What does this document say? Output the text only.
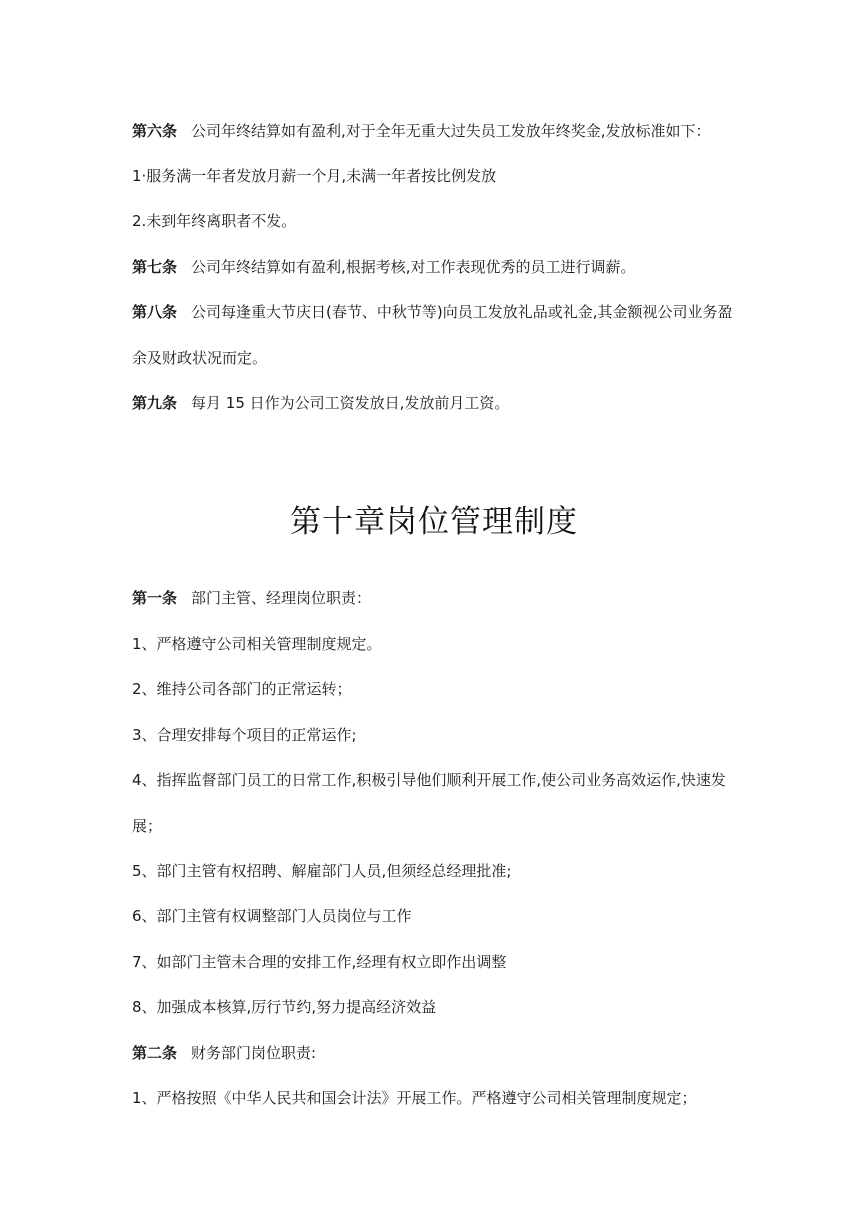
第六条 公司年终结算如有盈利,对于全年无重大过失员工发放年终奖金,发放标准如下：
1·服务满一年者发放月薪一个月,未满一年者按比例发放
2.未到年终离职者不发。
第七条 公司年终结算如有盈利,根据考核,对工作表现优秀的员工进行调薪。
第八条 公司每逢重大节庆日(春节、中秋节等)向员工发放礼品或礼金,其金额视公司业务盈
余及财政状况而定。
第九条 每月 15 日作为公司工资发放日,发放前月工资。
第十章岗位管理制度
第一条 部门主管、经理岗位职责：
1、严格遵守公司相关管理制度规定。
2、维持公司各部门的正常运转；
3、合理安排每个项目的正常运作;
4、指挥监督部门员工的日常工作,积极引导他们顺利开展工作,使公司业务高效运作,快速发
展；
5、部门主管有权招聘、解雇部门人员,但须经总经理批准;
6、部门主管有权调整部门人员岗位与工作
7、如部门主管未合理的安排工作,经理有权立即作出调整
8、加强成本核算,厉行节约,努力提高经济效益
第二条 财务部门岗位职责:
1、严格按照《中华人民共和国会计法》开展工作。严格遵守公司相关管理制度规定；
